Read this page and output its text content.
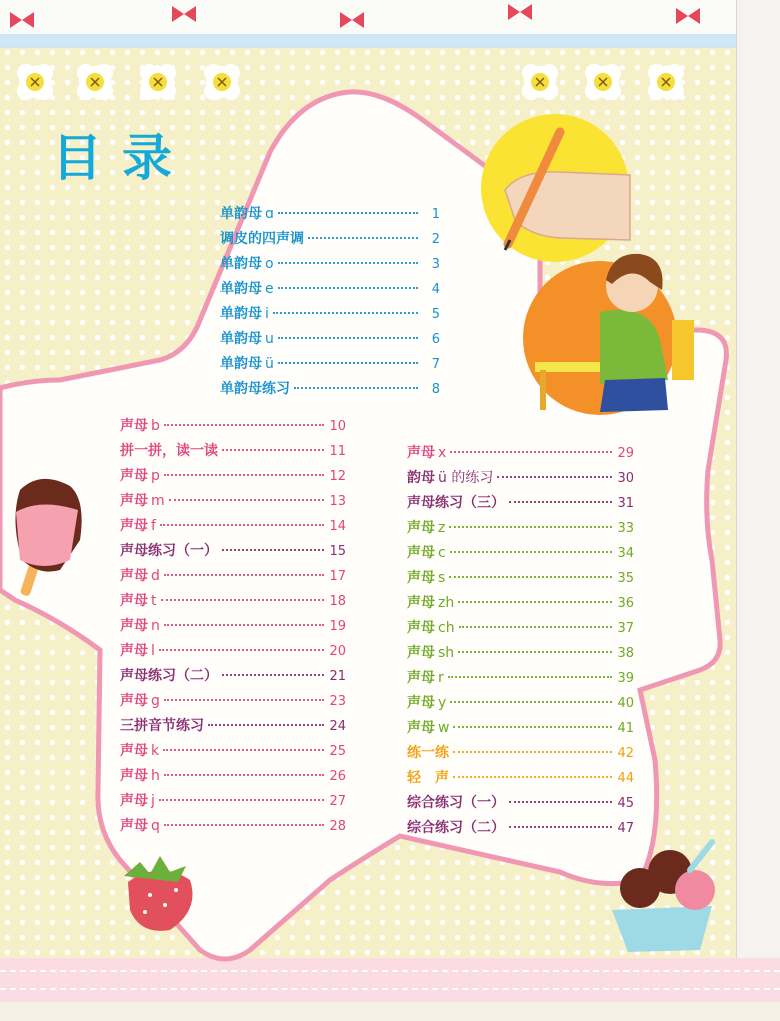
目录
单韵母 ɑ	1
调皮的四声调	2
单韵母 o	3
单韵母 e	4
单韵母 i	5
单韵母 u	6
单韵母 ü	7
单韵母练习	8
声母 b	10
拼一拼，读一读	11
声母 p	12
声母 m	13
声母 f	14
声母练习（一）	15
声母 d	17
声母 t	18
声母 n	19
声母 l	20
声母练习（二）	21
声母 g	23
三拼音节练习	24
声母 k	25
声母 h	26
声母 j	27
声母 q	28
声母 x	29
韵母 ü 的练习	30
声母练习（三）	31
声母 z	33
声母 c	34
声母 s	35
声母 zh	36
声母 ch	37
声母 sh	38
声母 r	39
声母 y	40
声母 w	41
练一练	42
轻　声	44
综合练习（一）	45
综合练习（二）	47
